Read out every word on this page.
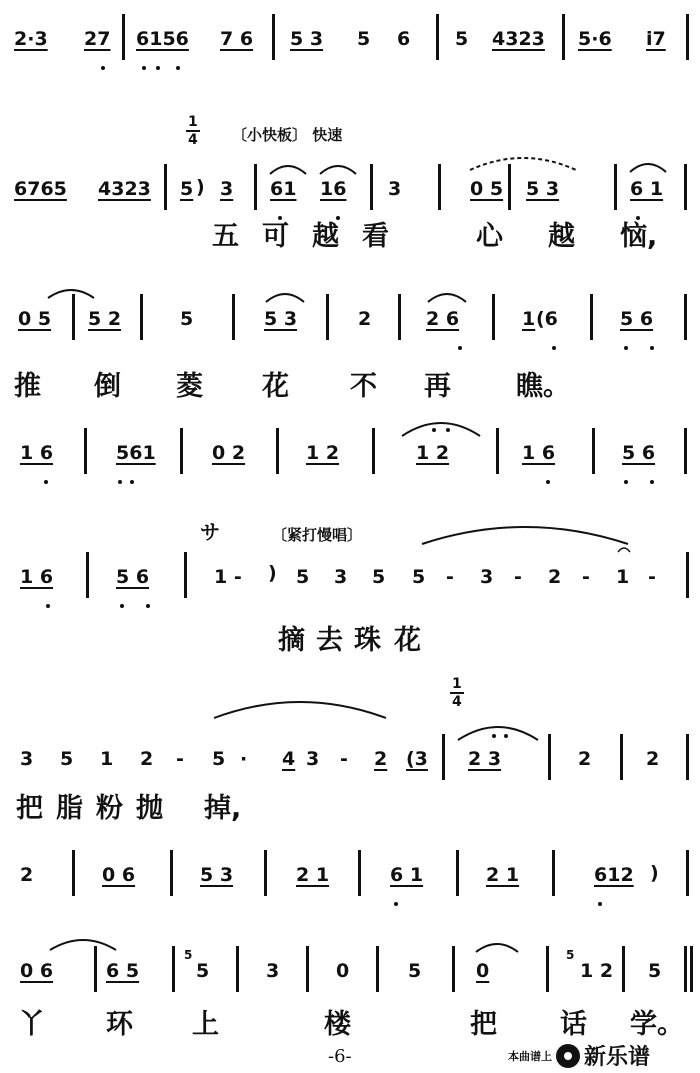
2·3 27 6156 7 6 5 3 5 6 5 4323 5·6 i7
$\frac{1}{4}$ 〔小快板〕 快速
6765 4323 5 ) 3 61 16 3	0 5 5 3	6 1
五 可 越 看	心 越 恼,
0 5 5 2	5	5 3	2	2 6	1 (6	5 6
推 倒 菱 花 不 再 瞧。
1 6	561	0 2	1 2	1 2	1 6	5 6
サ	〔紧打慢唱〕
1 6	5 6	1 - ) 5 3 5 5 - 3 - 2 - 1 -
摘 去 珠 花
$\frac{1}{4}$
3 5 1 2 - 5 · 4 3 - 2 (3 2 3	2	2
把 脂 粉 抛 掉,
2	0 6	5 3	2 1	6 1	2 1	612 )
0 6	6 5
5
5	3	0	5	0
5
1 2 5
丫 环 上	楼	把 话 学。
-6-	本曲谱上 新乐谱
